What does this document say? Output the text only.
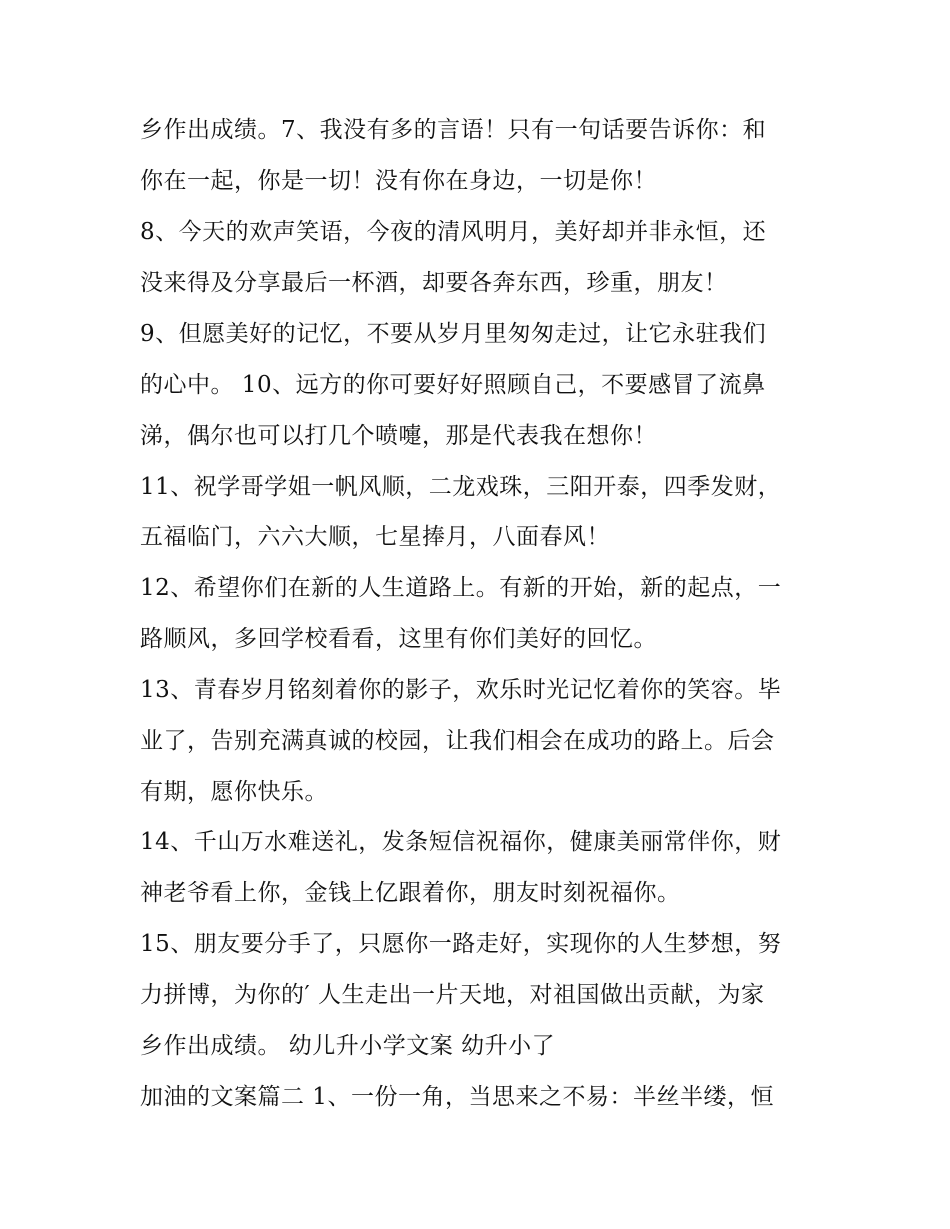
乡作出成绩。7、我没有多的言语！只有一句话要告诉你：和
你在一起，你是一切！没有你在身边，一切是你！
8、今天的欢声笑语，今夜的清风明月，美好却并非永恒，还
没来得及分享最后一杯酒，却要各奔东西，珍重，朋友！
9、但愿美好的记忆，不要从岁月里匆匆走过，让它永驻我们
的心中。 10、远方的你可要好好照顾自己，不要感冒了流鼻
涕，偶尔也可以打几个喷嚏，那是代表我在想你！
11、祝学哥学姐一帆风顺，二龙戏珠，三阳开泰，四季发财，
五福临门，六六大顺，七星捧月，八面春风！
12、希望你们在新的人生道路上。有新的开始，新的起点，一
路顺风，多回学校看看，这里有你们美好的回忆。
13、青春岁月铭刻着你的影子，欢乐时光记忆着你的笑容。毕
业了，告别充满真诚的校园，让我们相会在成功的路上。后会
有期，愿你快乐。
14、千山万水难送礼，发条短信祝福你，健康美丽常伴你，财
神老爷看上你，金钱上亿跟着你，朋友时刻祝福你。
15、朋友要分手了，只愿你一路走好，实现你的人生梦想，努
力拼博，为你的′ 人生走出一片天地，对祖国做出贡献，为家
乡作出成绩。 幼儿升小学文案 幼升小了
加油的文案篇二 1、一份一角，当思来之不易：半丝半缕，恒
